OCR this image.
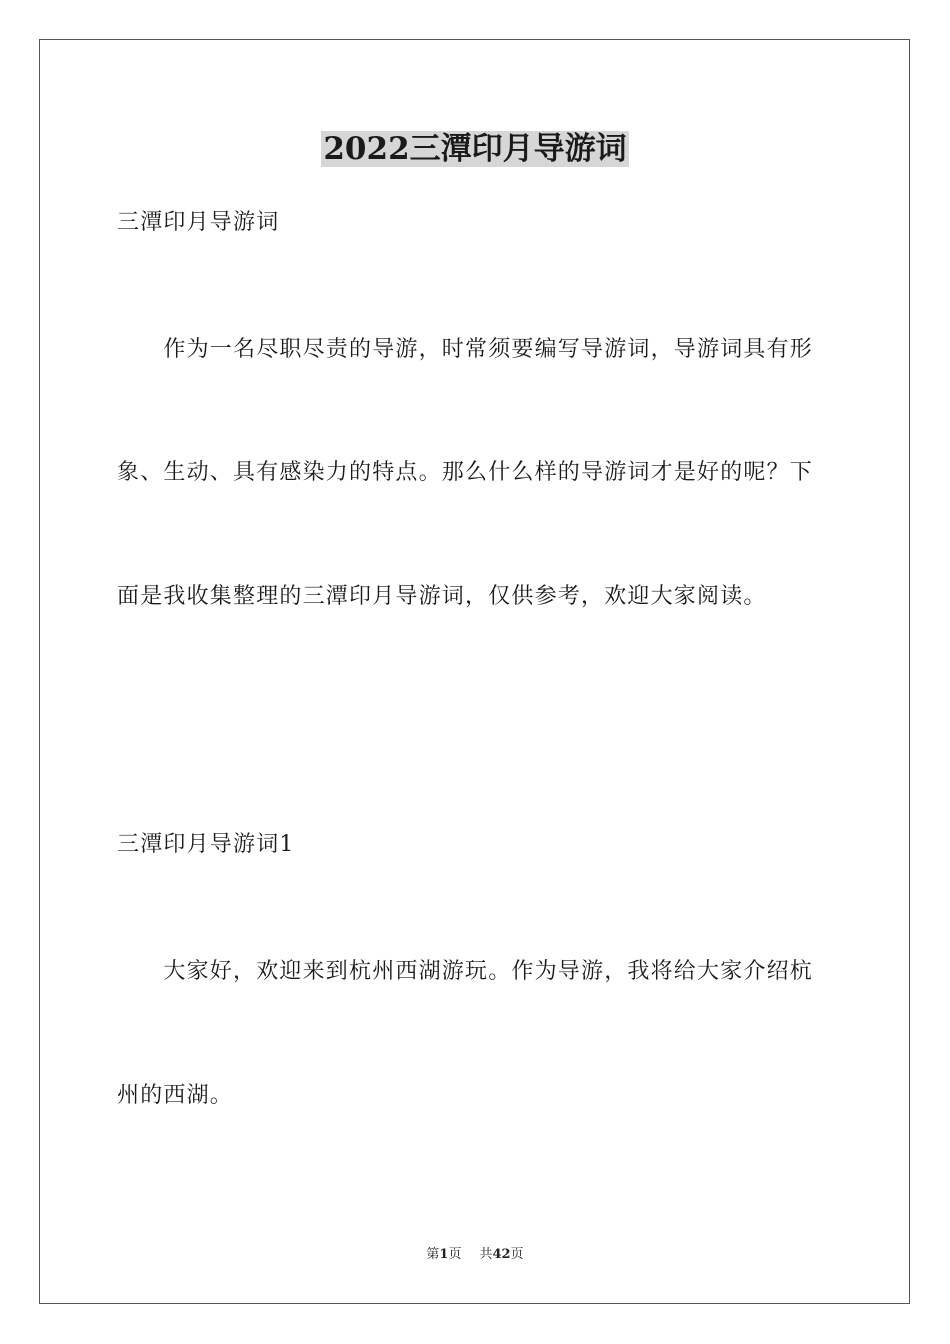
2022三潭印月导游词
三潭印月导游词
　　作为一名尽职尽责的导游，时常须要编写导游词，导游词具有形
象、生动、具有感染力的特点。那么什么样的导游词才是好的呢？下
面是我收集整理的三潭印月导游词，仅供参考，欢迎大家阅读。
三潭印月导游词1
　　大家好，欢迎来到杭州西湖游玩。作为导游，我将给大家介绍杭
州的西湖。
第1页 共42页
